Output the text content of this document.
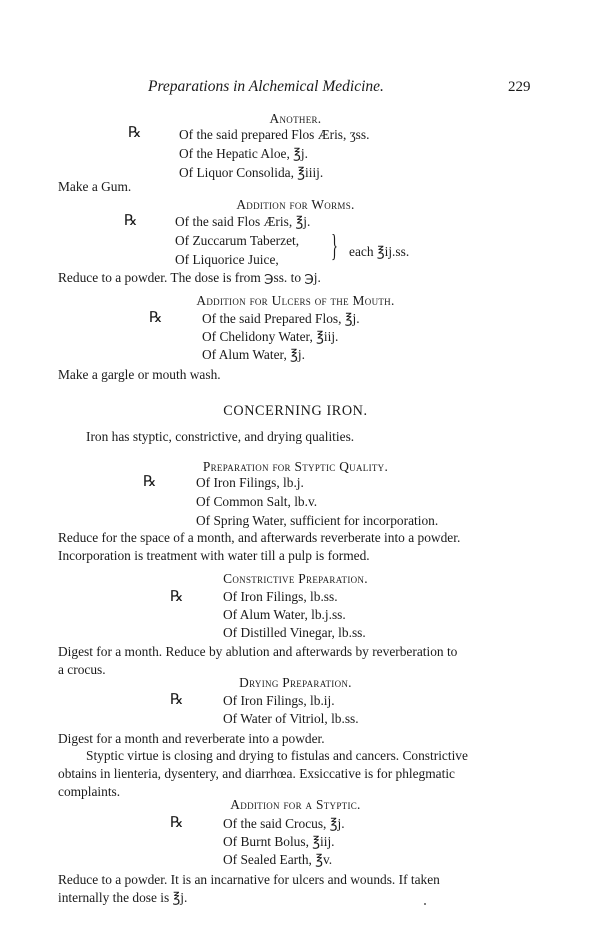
Preparations in Alchemical Medicine.	229
Another.
℞	Of the said prepared Flos Æris, ʒss.
Of the Hepatic Aloe, ℥j.
Of Liquor Consolida, ℥iiij.
Make a Gum.
Addition for Worms.
℞	Of the said Flos Æris, ℥j.
Of Zuccarum Taberzet,
Of Liquorice Juice, } each ℥ij.ss.
Reduce to a powder. The dose is from ℈ss. to ℈j.
Addition for Ulcers of the Mouth.
℞	Of the said Prepared Flos, ℥j.
Of Chelidony Water, ℥iij.
Of Alum Water, ℥j.
Make a gargle or mouth wash.
CONCERNING IRON.
Iron has styptic, constrictive, and drying qualities.
Preparation for Styptic Quality.
℞	Of Iron Filings, lb.j.
Of Common Salt, lb.v.
Of Spring Water, sufficient for incorporation.
Reduce for the space of a month, and afterwards reverberate into a powder.
Incorporation is treatment with water till a pulp is formed.
Constrictive Preparation.
℞	Of Iron Filings, lb.ss.
Of Alum Water, lb.j.ss.
Of Distilled Vinegar, lb.ss.
Digest for a month. Reduce by ablution and afterwards by reverberation to
a crocus.
Drying Preparation.
℞	Of Iron Filings, lb.ij.
Of Water of Vitriol, lb.ss.
Digest for a month and reverberate into a powder.
Styptic virtue is closing and drying to fistulas and cancers. Constrictive
obtains in lienteria, dysentery, and diarrhœa. Exsiccative is for phlegmatic
complaints.
Addition for a Styptic.
℞	Of the said Crocus, ℥j.
Of Burnt Bolus, ℥iij.
Of Sealed Earth, ℥v.
Reduce to a powder. It is an incarnative for ulcers and wounds. If taken
internally the dose is ℥j.
